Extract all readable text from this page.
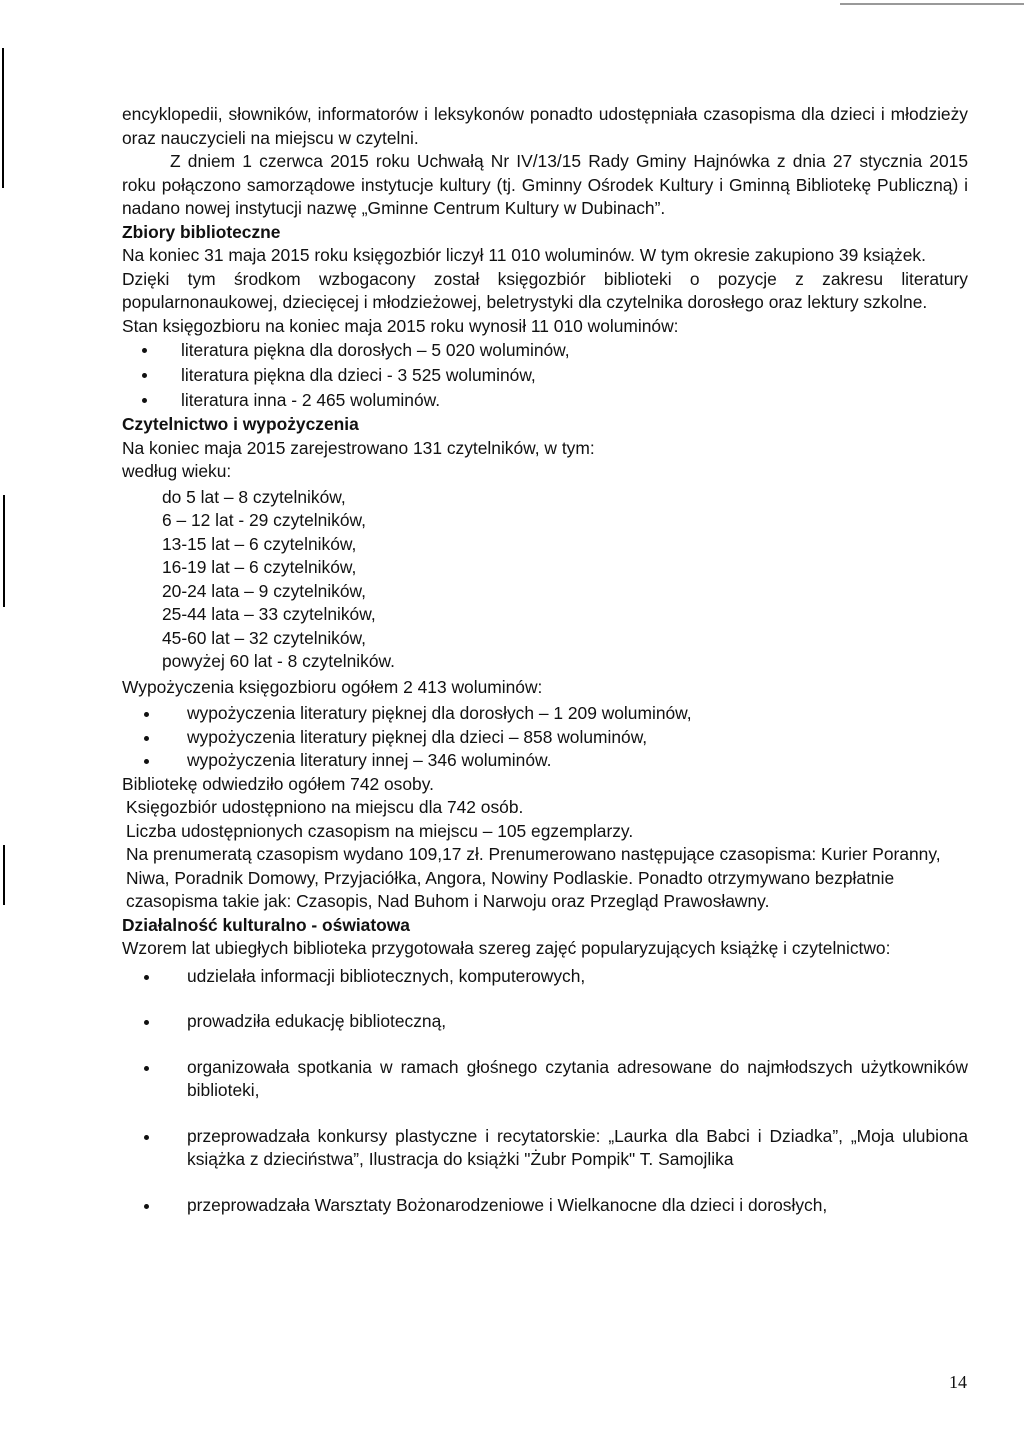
encyklopedii, słowników, informatorów i leksykonów ponadto udostępniała czasopisma dla dzieci i młodzieży oraz nauczycieli na miejscu w czytelni.

Z dniem 1 czerwca 2015 roku Uchwałą Nr IV/13/15 Rady Gminy Hajnówka z dnia 27 stycznia 2015 roku połączono samorządowe instytucje kultury (tj. Gminny Ośrodek Kultury i Gminną Bibliotekę Publiczną) i nadano nowej instytucji nazwę „Gminne Centrum Kultury w Dubinach”.

Zbiory biblioteczne

Na koniec 31 maja 2015 roku księgozbiór liczył 11 010 woluminów. W tym okresie zakupiono 39 książek.

Dzięki tym środkom wzbogacony został księgozbiór biblioteki o pozycje z zakresu literatury popularnonaukowej, dziecięcej i młodzieżowej, beletrystyki dla czytelnika dorosłego oraz lektury szkolne.

Stan księgozbioru na koniec maja 2015 roku wynosił 11 010 woluminów:

literatura piękna dla dorosłych – 5 020 woluminów,
literatura piękna dla dzieci - 3 525 woluminów,
literatura inna - 2 465 woluminów.
Czytelnictwo i wypożyczenia

Na koniec maja 2015 zarejestrowano 131 czytelników, w tym:

według wieku:

do 5 lat – 8 czytelników,
6 – 12 lat - 29 czytelników,
13-15 lat – 6 czytelników,
16-19 lat – 6 czytelników,
20-24 lata – 9 czytelników,
25-44 lata – 33 czytelników,
45-60 lat – 32 czytelników,
powyżej 60 lat - 8 czytelników.

Wypożyczenia księgozbioru ogółem 2 413 woluminów:

wypożyczenia literatury pięknej dla dorosłych – 1 209 woluminów,
wypożyczenia literatury pięknej dla dzieci – 858 woluminów,
wypożyczenia literatury innej – 346 woluminów.
Bibliotekę odwiedziło ogółem 742 osoby.
Księgozbiór udostępniono na miejscu dla 742 osób.
Liczba udostępnionych czasopism na miejscu – 105 egzemplarzy.
Na prenumeratą czasopism wydano 109,17 zł. Prenumerowano następujące czasopisma: Kurier Poranny, Niwa, Poradnik Domowy, Przyjaciółka, Angora, Nowiny Podlaskie. Ponadto otrzymywano bezpłatnie czasopisma takie jak: Czasopis, Nad Buhom i Narwoju oraz Przegląd Prawosławny.
Działalność kulturalno - oświatowa

Wzorem lat ubiegłych biblioteka przygotowała szereg zajęć popularyzujących książkę i czytelnictwo:

udzielała informacji bibliotecznych, komputerowych,
prowadziła edukację biblioteczną,
organizowała spotkania w ramach głośnego czytania adresowane do najmłodszych użytkowników biblioteki,
przeprowadzała konkursy plastyczne i recytatorskie: „Laurka dla Babci i Dziadka”, „Moja ulubiona książka z dzieciństwa”, Ilustracja do książki "Żubr Pompik" T. Samojlika
przeprowadzała Warsztaty Bożonarodzeniowe i Wielkanocne dla dzieci i dorosłych,
14
